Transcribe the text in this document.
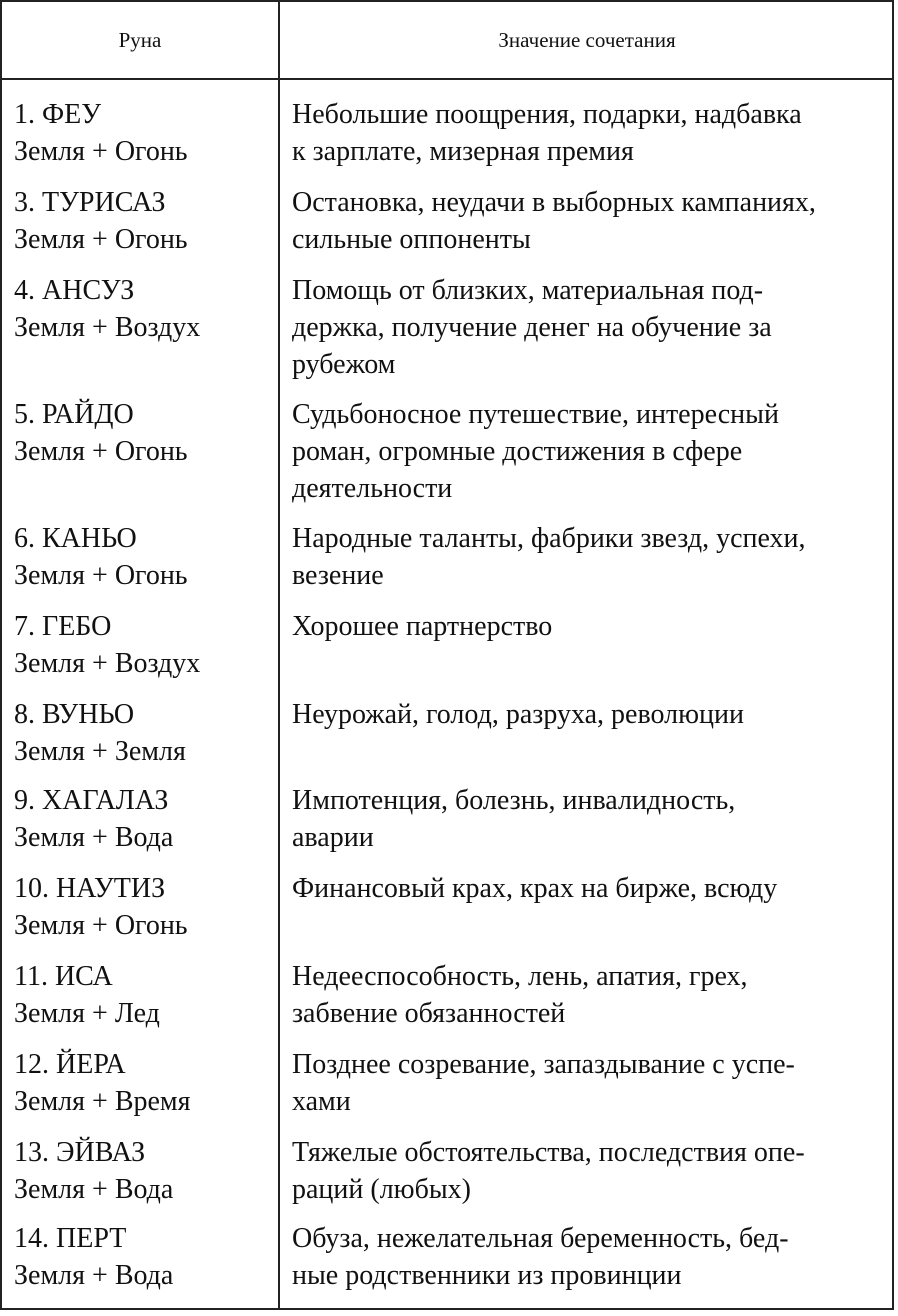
Руна	Значение сочетания
1. ФЕУ
Земля + Огонь
Небольшие поощрения, подарки, надбавка
к зарплате, мизерная премия
3. ТУРИСАЗ
Земля + Огонь
Остановка, неудачи в выборных кампаниях,
сильные оппоненты
4. АНСУЗ
Земля + Воздух
Помощь от близких, материальная под-
держка, получение денег на обучение за
рубежом
5. РАЙДО
Земля + Огонь
Судьбоносное путешествие, интересный
роман, огромные достижения в сфере
деятельности
6. КАНЬО
Земля + Огонь
Народные таланты, фабрики звезд, успехи,
везение
7. ГЕБО
Земля + Воздух
Хорошее партнерство
8. ВУНЬО
Земля + Земля
Неурожай, голод, разруха, революции
9. ХАГАЛАЗ
Земля + Вода
Импотенция, болезнь, инвалидность,
аварии
10. НАУТИЗ
Земля + Огонь
Финансовый крах, крах на бирже, всюду
11. ИСА
Земля + Лед
Недееспособность, лень, апатия, грех,
забвение обязанностей
12. ЙЕРА
Земля + Время
Позднее созревание, запаздывание с успе-
хами
13. ЭЙВАЗ
Земля + Вода
Тяжелые обстоятельства, последствия опе-
раций (любых)
14. ПЕРТ
Земля + Вода
Обуза, нежелательная беременность, бед-
ные родственники из провинции
